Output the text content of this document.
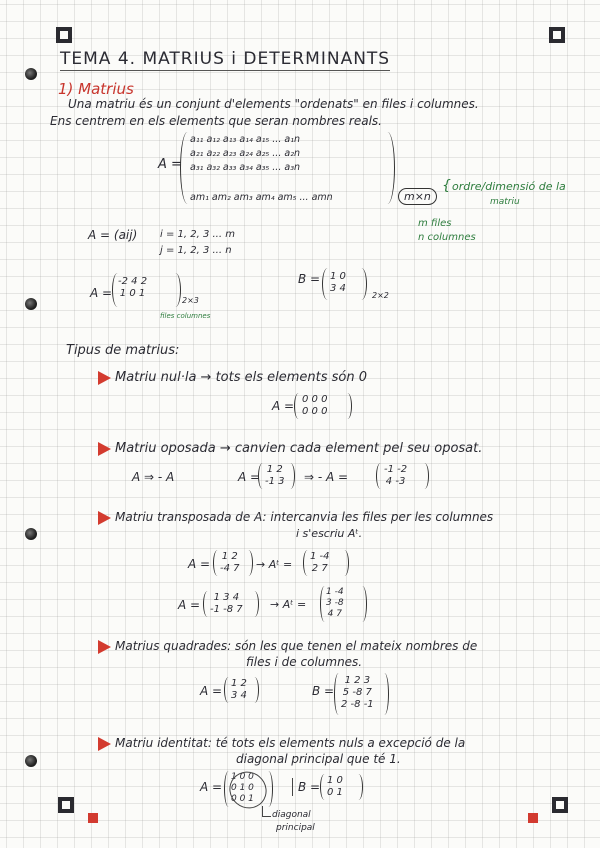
TEMA 4. MATRIUS i DETERMINANTS
1) Matrius
Una matriu és un conjunt d'elements "ordenats" en files i columnes.
Ens centrem en els elements que seran nombres reals.
A =
a₁₁ a₁₂ a₁₃ a₁₄ a₁₅ ... a₁n
a₂₁ a₂₂ a₂₃ a₂₄ a₂₅ ... a₂n
a₃₁ a₃₂ a₃₃ a₃₄ a₃₅ ... a₃n
am₁ am₂ am₃ am₄ am₅ ... amn	m×n
{ ordre/dimensió de la
matriu
m files
n columnes
A = (aij) i = 1, 2, 3 ... m
j = 1, 2, 3 ... n
A =
-2 4 2
1 0 1
2×3
files columnes
B = 1 0
3 4
2×2
Tipus de matrius:
Matriu nul·la → tots els elements són 0
A = 0 0 0
0 0 0
Matriu oposada → canvien cada element pel seu oposat.
A ⇒ - A	A =
1 2
-1 3 ⇒ - A =
-1 -2
4 -3
Matriu transposada de A: intercanvia les files per les columnes
i s'escriu Aᵗ.
A =
1 2
-4 7 → Aᵗ =
1 -4
2 7
A =
1 3 4
-1 -8 7 → Aᵗ =
1 -4
3 -8
4 7
Matrius quadrades: són les que tenen el mateix nombres de
files i de columnes.
A =
1 2
3 4	B =
1 2 3
5 -8 7
2 -8 -1
Matriu identitat: té tots els elements nuls a excepció de la
diagonal principal que té 1.
A =
1 0 0
0 1 0
0 0 1
B = 1 0
0 1
diagonal
principal
